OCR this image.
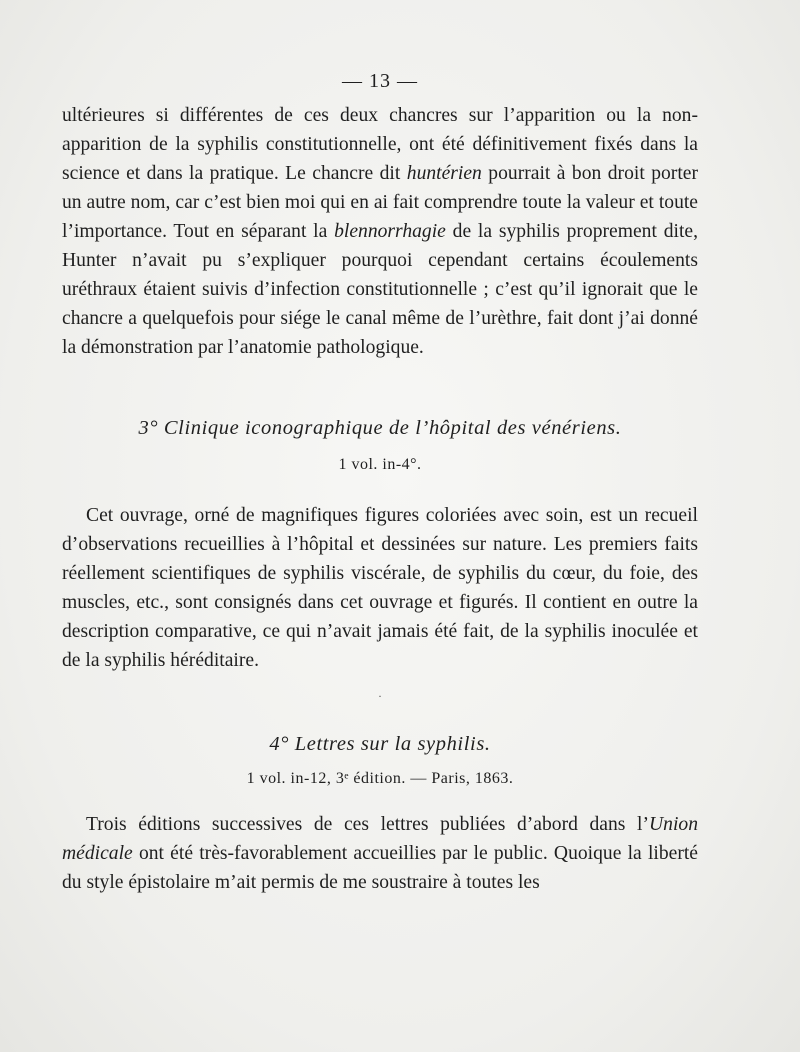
— 13 —

ultérieures si différentes de ces deux chancres sur l’apparition ou la non-apparition de la syphilis constitutionnelle, ont été définitivement fixés dans la science et dans la pratique. Le chancre dit huntérien pourrait à bon droit porter un autre nom, car c’est bien moi qui en ai fait comprendre toute la valeur et toute l’importance. Tout en séparant la blennorrhagie de la syphilis proprement dite, Hunter n’avait pu s’expliquer pourquoi cependant certains écoulements uréthraux étaient suivis d’infection constitutionnelle ; c’est qu’il ignorait que le chancre a quelquefois pour siége le canal même de l’urèthre, fait dont j’ai donné la démonstration par l’anatomie pathologique.

3° Clinique iconographique de l’hôpital des vénériens.
1 vol. in-4°.

Cet ouvrage, orné de magnifiques figures coloriées avec soin, est un recueil d’observations recueillies à l’hôpital et dessinées sur nature. Les premiers faits réellement scientifiques de syphilis viscérale, de syphilis du cœur, du foie, des muscles, etc., sont consignés dans cet ouvrage et figurés. Il contient en outre la description comparative, ce qui n’avait jamais été fait, de la syphilis inoculée et de la syphilis héréditaire.

·
4° Lettres sur la syphilis.
1 vol. in-12, 3ᵉ édition. — Paris, 1863.

Trois éditions successives de ces lettres publiées d’abord dans l’Union médicale ont été très-favorablement accueillies par le public. Quoique la liberté du style épistolaire m’ait permis de me soustraire à toutes les
